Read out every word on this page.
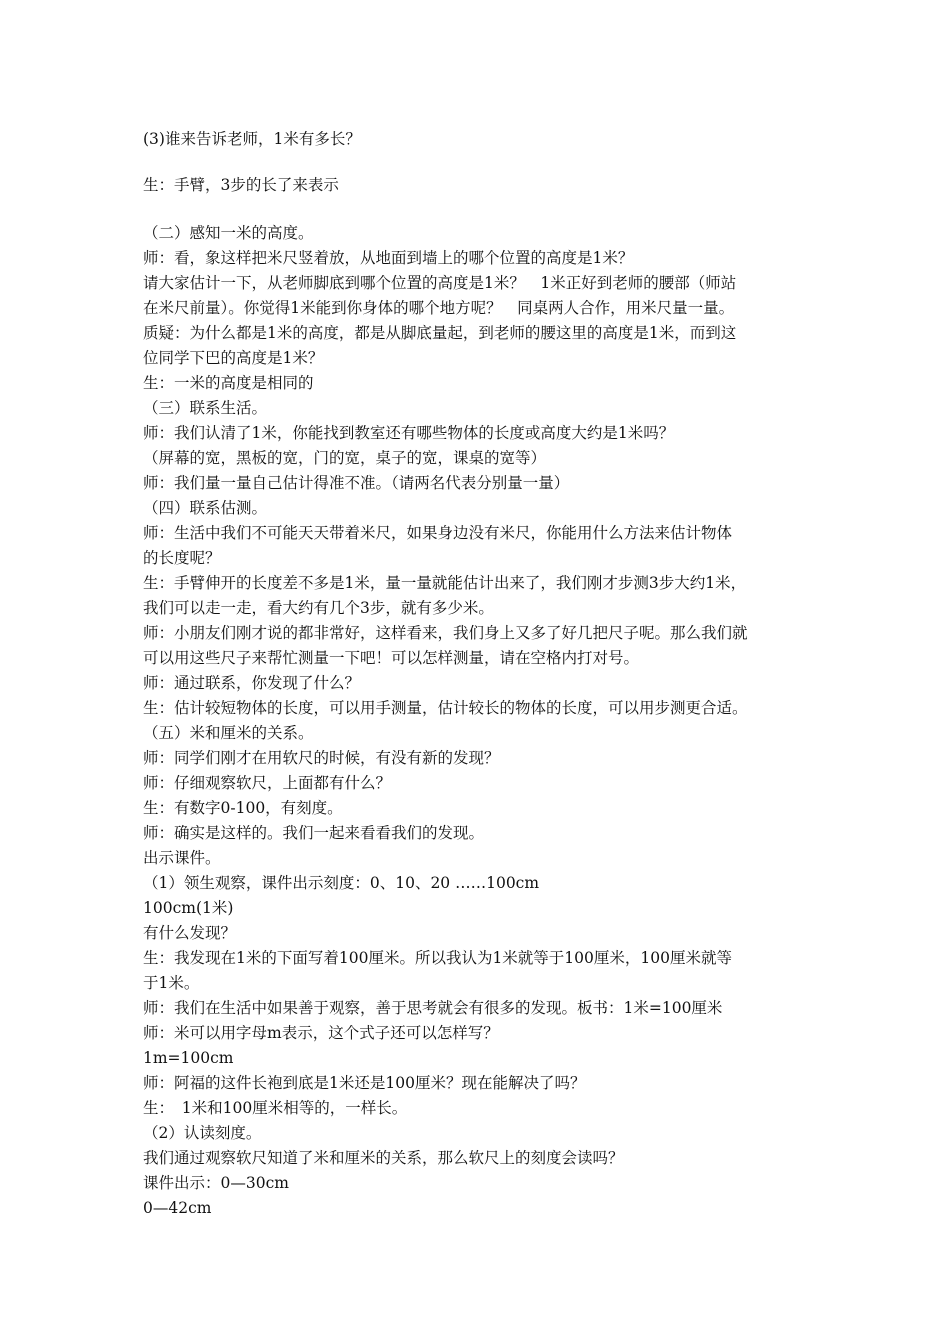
(3)谁来告诉老师，1米有多长？
生：手臂，3步的长了来表示
（二）感知一米的高度。
师：看，象这样把米尺竖着放，从地面到墙上的哪个位置的高度是1米？
请大家估计一下，从老师脚底到哪个位置的高度是1米？　1米正好到老师的腰部（师站
在米尺前量）。你觉得1米能到你身体的哪个地方呢？　同桌两人合作，用米尺量一量。
质疑：为什么都是1米的高度，都是从脚底量起，到老师的腰这里的高度是1米，而到这
位同学下巴的高度是1米？
生：一米的高度是相同的
（三）联系生活。
师：我们认清了1米，你能找到教室还有哪些物体的长度或高度大约是1米吗？
（屏幕的宽，黑板的宽，门的宽，桌子的宽，课桌的宽等）
师：我们量一量自己估计得准不准。（请两名代表分别量一量）
（四）联系估测。
师：生活中我们不可能天天带着米尺，如果身边没有米尺，你能用什么方法来估计物体
的长度呢？
生：手臂伸开的长度差不多是1米，量一量就能估计出来了，我们刚才步测3步大约1米，
我们可以走一走，看大约有几个3步，就有多少米。
师：小朋友们刚才说的都非常好，这样看来，我们身上又多了好几把尺子呢。那么我们就
可以用这些尺子来帮忙测量一下吧！可以怎样测量，请在空格内打对号。
师：通过联系，你发现了什么？
生：估计较短物体的长度，可以用手测量，估计较长的物体的长度，可以用步测更合适。
（五）米和厘米的关系。
师：同学们刚才在用软尺的时候，有没有新的发现？
师：仔细观察软尺，上面都有什么？
生：有数字0-100，有刻度。
师：确实是这样的。我们一起来看看我们的发现。
出示课件。
（1）领生观察，课件出示刻度：0、10、20 ……100cm
100cm(1米)
有什么发现？
生：我发现在1米的下面写着100厘米。所以我认为1米就等于100厘米，100厘米就等
于1米。
师：我们在生活中如果善于观察，善于思考就会有很多的发现。板书：1米=100厘米
师：米可以用字母m表示，这个式子还可以怎样写？
1m=100cm
师：阿福的这件长袍到底是1米还是100厘米？现在能解决了吗？
生：　1米和100厘米相等的，一样长。
（2）认读刻度。
我们通过观察软尺知道了米和厘米的关系，那么软尺上的刻度会读吗？
课件出示：0—30cm
0—42cm
